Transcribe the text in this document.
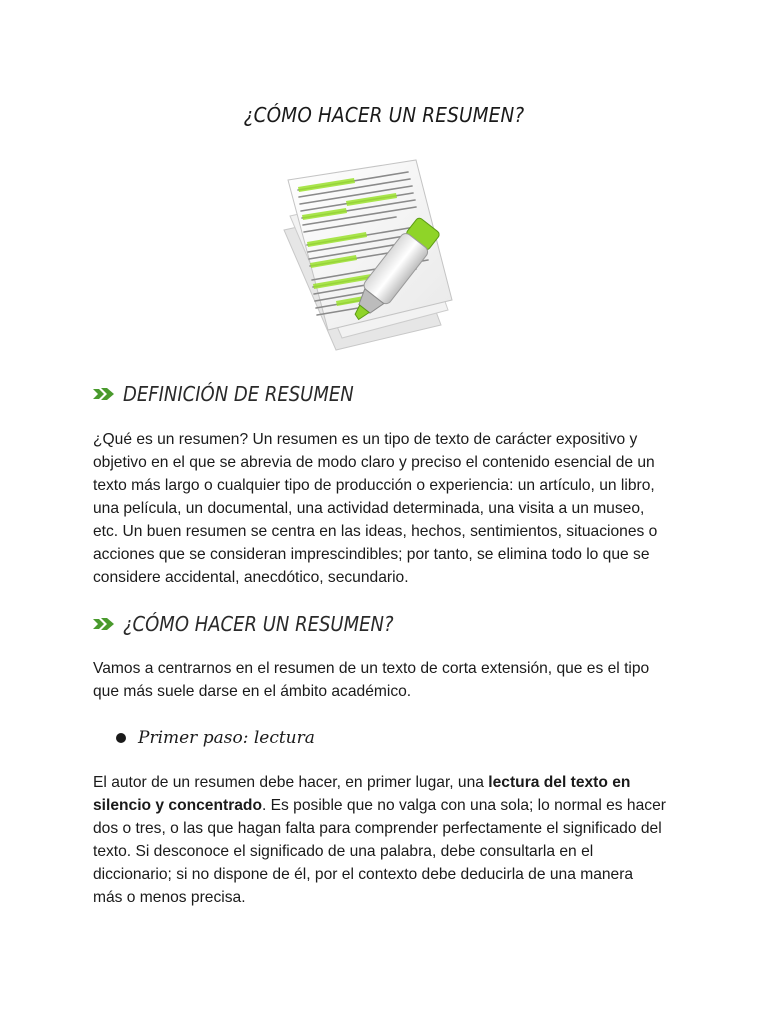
¿CÓMO HACER UN RESUMEN?
DEFINICIÓN DE RESUMEN
¿Qué es un resumen? Un resumen es un tipo de texto de carácter expositivo y
objetivo en el que se abrevia de modo claro y preciso el contenido esencial de un
texto más largo o cualquier tipo de producción o experiencia: un artículo, un libro,
una película, un documental, una actividad determinada, una visita a un museo,
etc. Un buen resumen se centra en las ideas, hechos, sentimientos, situaciones o
acciones que se consideran imprescindibles; por tanto, se elimina todo lo que se
considere accidental, anecdótico, secundario.
¿CÓMO HACER UN RESUMEN?
Vamos a centrarnos en el resumen de un texto de corta extensión, que es el tipo
que más suele darse en el ámbito académico.
Primer paso: lectura
El autor de un resumen debe hacer, en primer lugar, una lectura del texto en
silencio y concentrado. Es posible que no valga con una sola; lo normal es hacer
dos o tres, o las que hagan falta para comprender perfectamente el significado del
texto. Si desconoce el significado de una palabra, debe consultarla en el
diccionario; si no dispone de él, por el contexto debe deducirla de una manera
más o menos precisa.
